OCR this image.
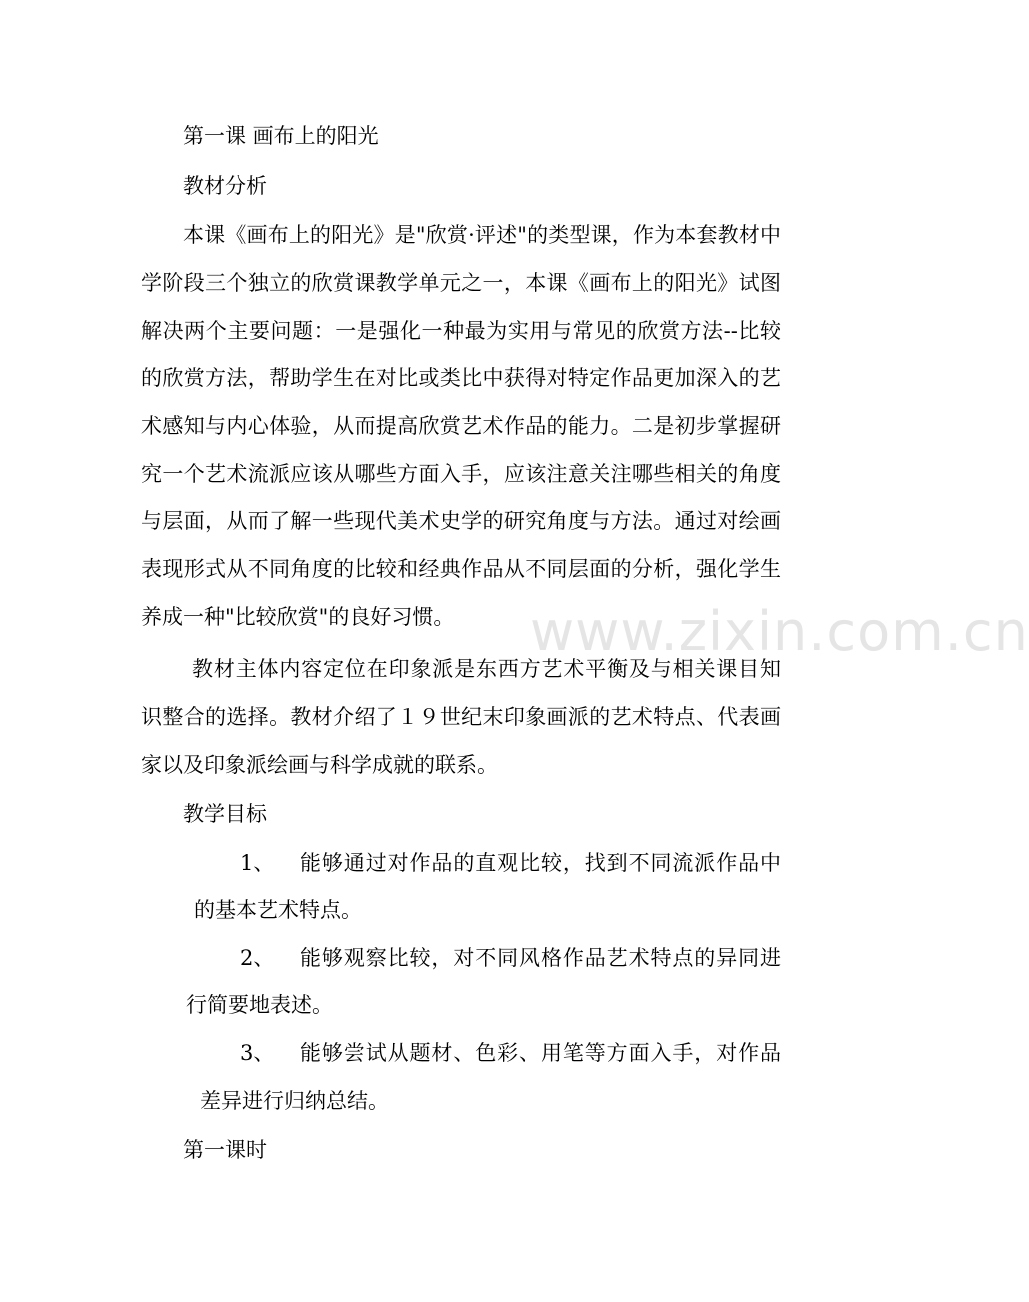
第一课 画布上的阳光

教材分析

本课《画布上的阳光》是"欣赏·评述"的类型课，作为本套教材中

学阶段三个独立的欣赏课教学单元之一，本课《画布上的阳光》试图

解决两个主要问题：一是强化一种最为实用与常见的欣赏方法--比较

的欣赏方法，帮助学生在对比或类比中获得对特定作品更加深入的艺

术感知与内心体验，从而提高欣赏艺术作品的能力。二是初步掌握研

究一个艺术流派应该从哪些方面入手，应该注意关注哪些相关的角度

与层面，从而了解一些现代美术史学的研究角度与方法。通过对绘画

表现形式从不同角度的比较和经典作品从不同层面的分析，强化学生

养成一种"比较欣赏"的良好习惯。

教材主体内容定位在印象派是东西方艺术平衡及与相关课目知

识整合的选择。教材介绍了１９世纪末印象画派的艺术特点、代表画

家以及印象派绘画与科学成就的联系。

教学目标

1、 能够通过对作品的直观比较，找到不同流派作品中
的基本艺术特点。
2、 能够观察比较，对不同风格作品艺术特点的异同进
行简要地表述。
3、 能够尝试从题材、色彩、用笔等方面入手，对作品
差异进行归纳总结。

第一课时

www.zixin.com.cn
